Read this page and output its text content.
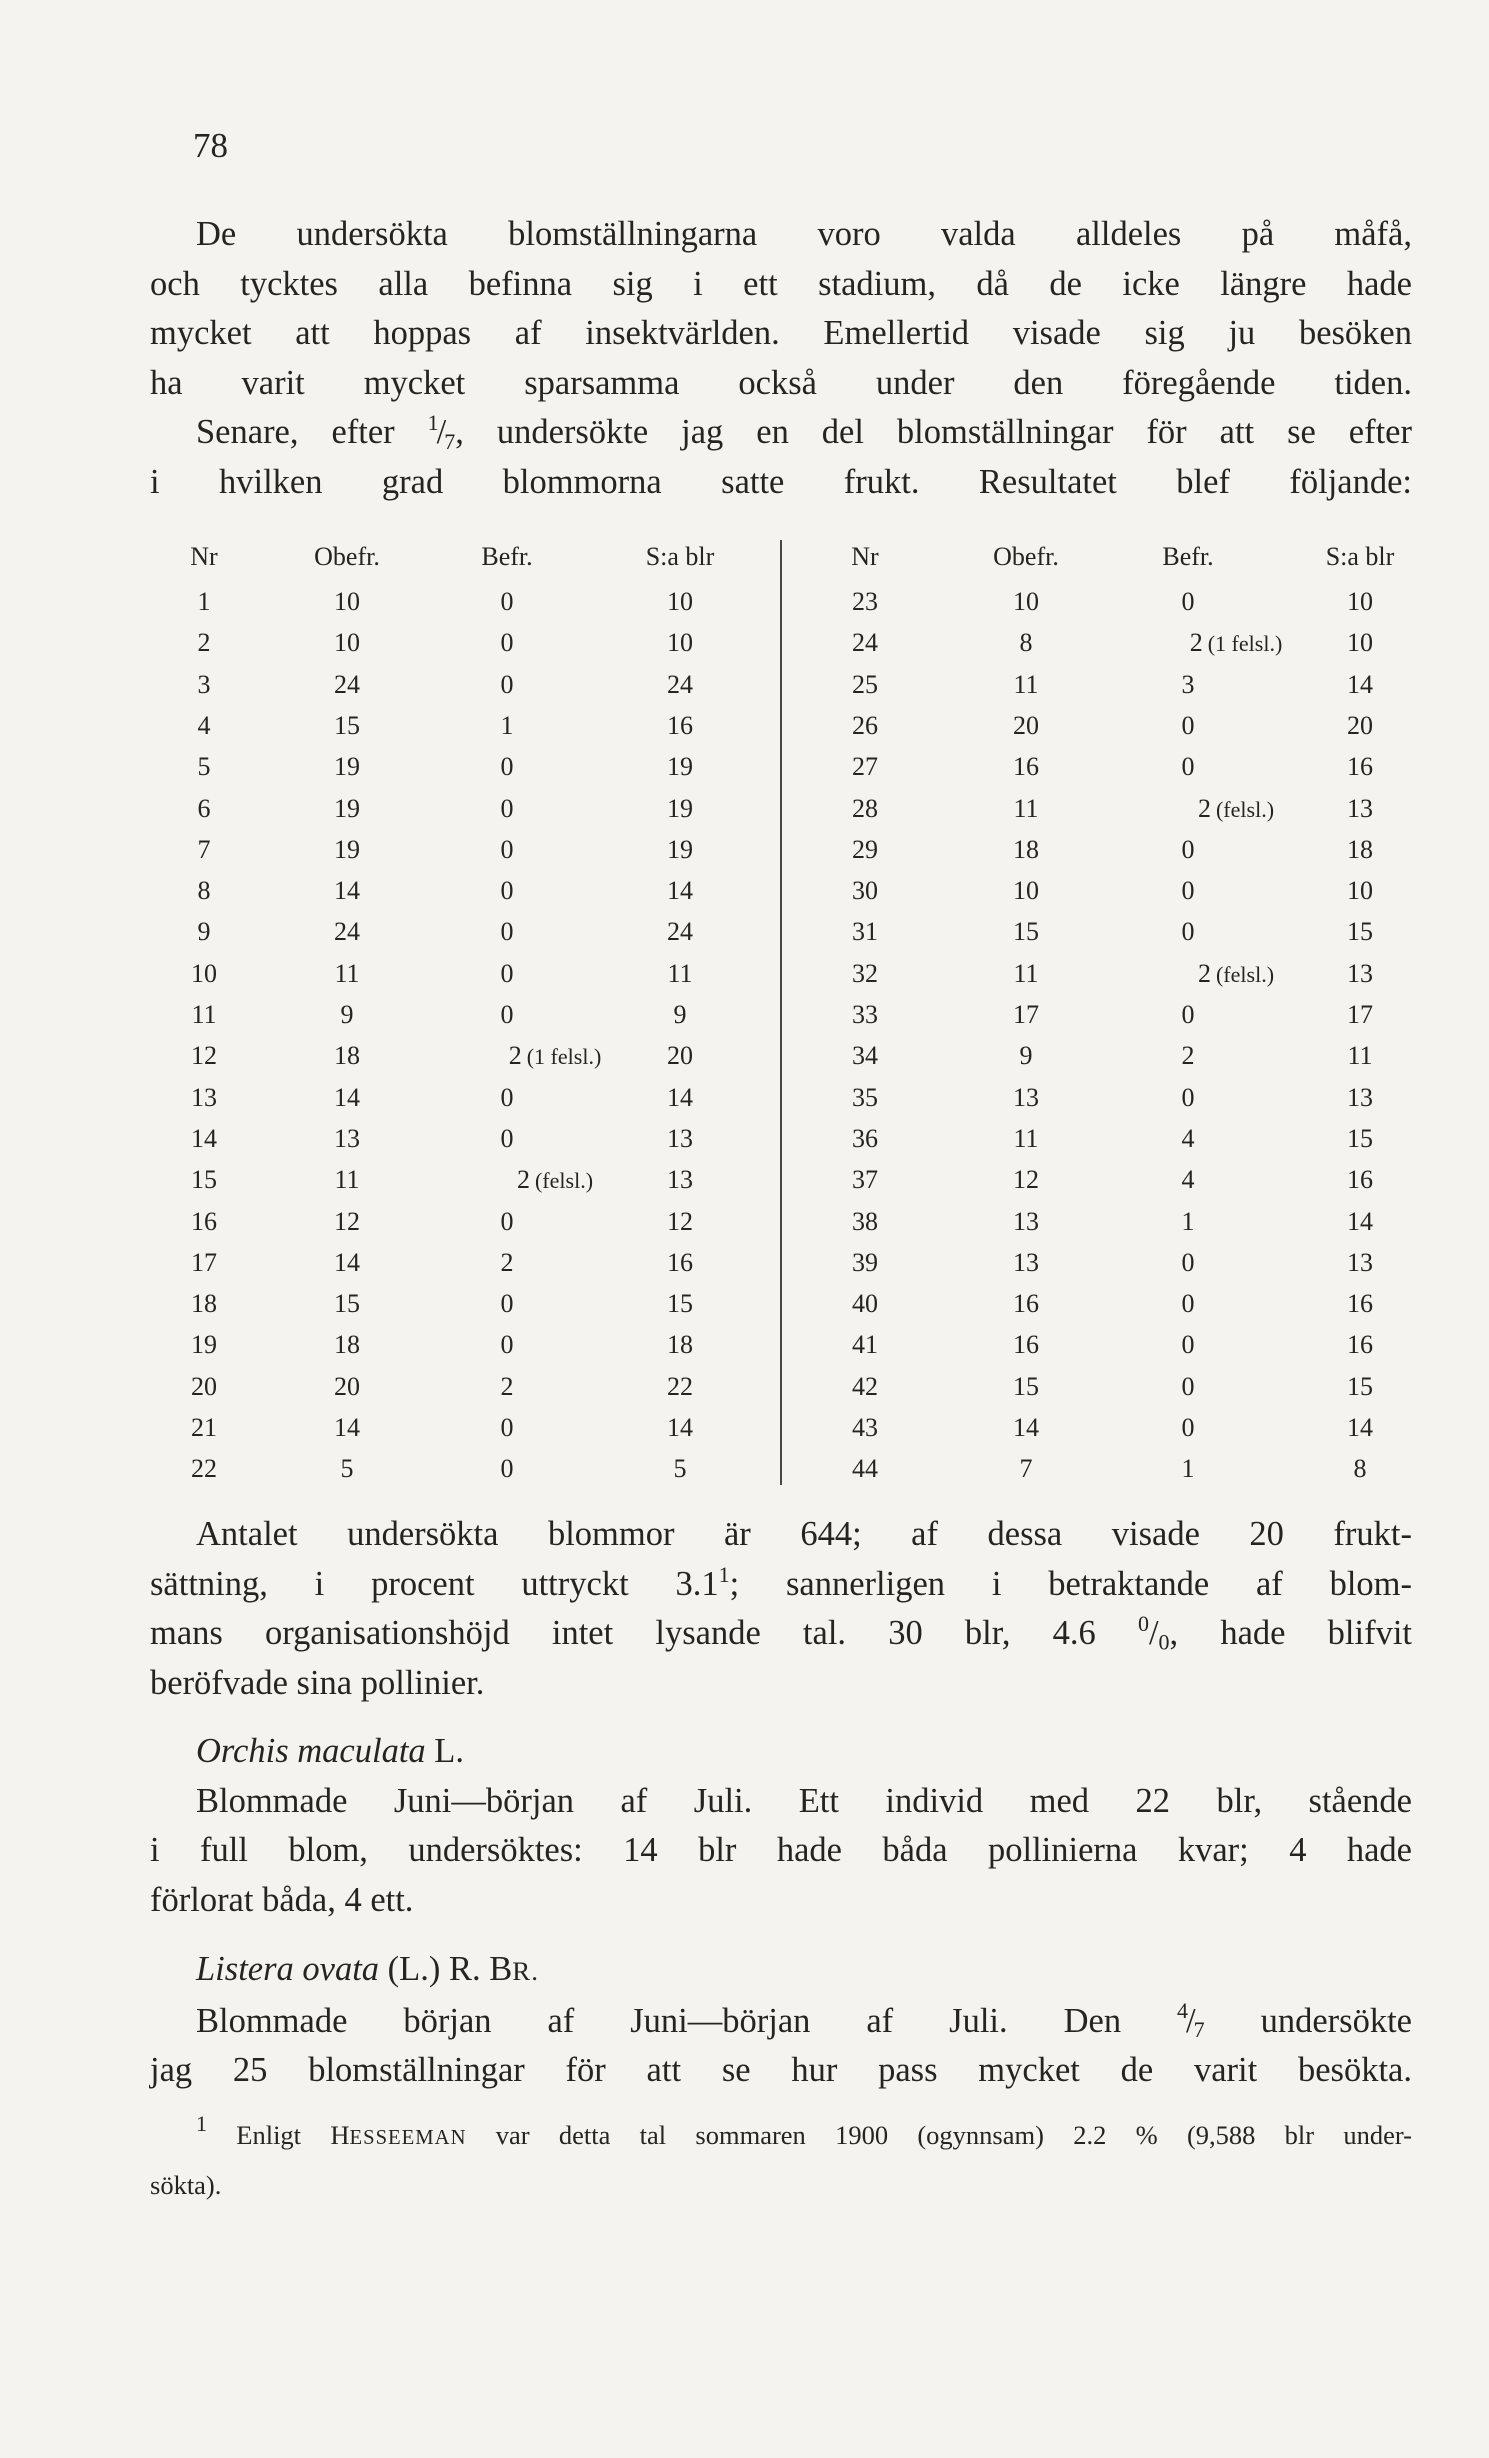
78

De undersökta blomställningarna voro valda alldeles på måfå,
och tycktes alla befinna sig i ett stadium, då de icke längre hade
mycket att hoppas af insektvärlden. Emellertid visade sig ju besöken
ha varit mycket sparsamma också under den föregående tiden.
Senare, efter $^1/_7$, undersökte jag en del blomställningar för att se efter
i hvilken grad blommorna satte frukt. Resultatet blef följande:

Nr	Obefr.	Befr.	S:a blr	Nr	Obefr.	Befr.	S:a blr
1	10	0	10
2	10	0	10
3	24	0	24
4	15	1	16
5	19	0	19
6	19	0	19
7	19	0	19
8	14	0	14
9	24	0	24
10	11	0	11
11	9	0	9
12	18	2 (1 felsl.)	20
13	14	0	14
14	13	0	13
15	11	2 (felsl.)	13
16	12	0	12
17	14	2	16
18	15	0	15
19	18	0	18
20	20	2	22
21	14	0	14
22	5	0	5
23	10	0	10
24	8	2 (1 felsl.) 10
25	11	3	14
26	20	0	20
27	16	0	16
28	11	2 (felsl.)	13
29	18	0	18
30	10	0	10
31	15	0	15
32	11	2 (felsl.)	13
33	17	0	17
34	9	2	11
35	13	0	13
36	11	4	15
37	12	4	16
38	13	1	14
39	13	0	13
40	16	0	16
41	16	0	16
42	15	0	15
43	14	0	14
44	7	1	8

Antalet undersökta blommor är 644; af dessa visade 20 frukt-
sättning, i procent uttryckt $3.1^1$; sannerligen i betraktande af blom-
mans organisationshöjd intet lysande tal. 30 blr, 4.6 $^0/_0$, hade blifvit
beröfvade sina pollinier.

Orchis maculata L.
Blommade Juni—början af Juli. Ett individ med 22 blr, stående
i full blom, undersöktes: 14 blr hade båda pollinierna kvar; 4 hade
förlorat båda, 4 ett.

Listera ovata (L.) R. BR.
Blommade början af Juni—början af Juli. Den $^4/_7$ undersökte
jag 25 blomställningar för att se hur pass mycket de varit besökta.

$^1$ Enligt HESSEEMAN var detta tal sommaren 1900 (ogynnsam) 2.2 % (9,588 blr under-
sökta).
